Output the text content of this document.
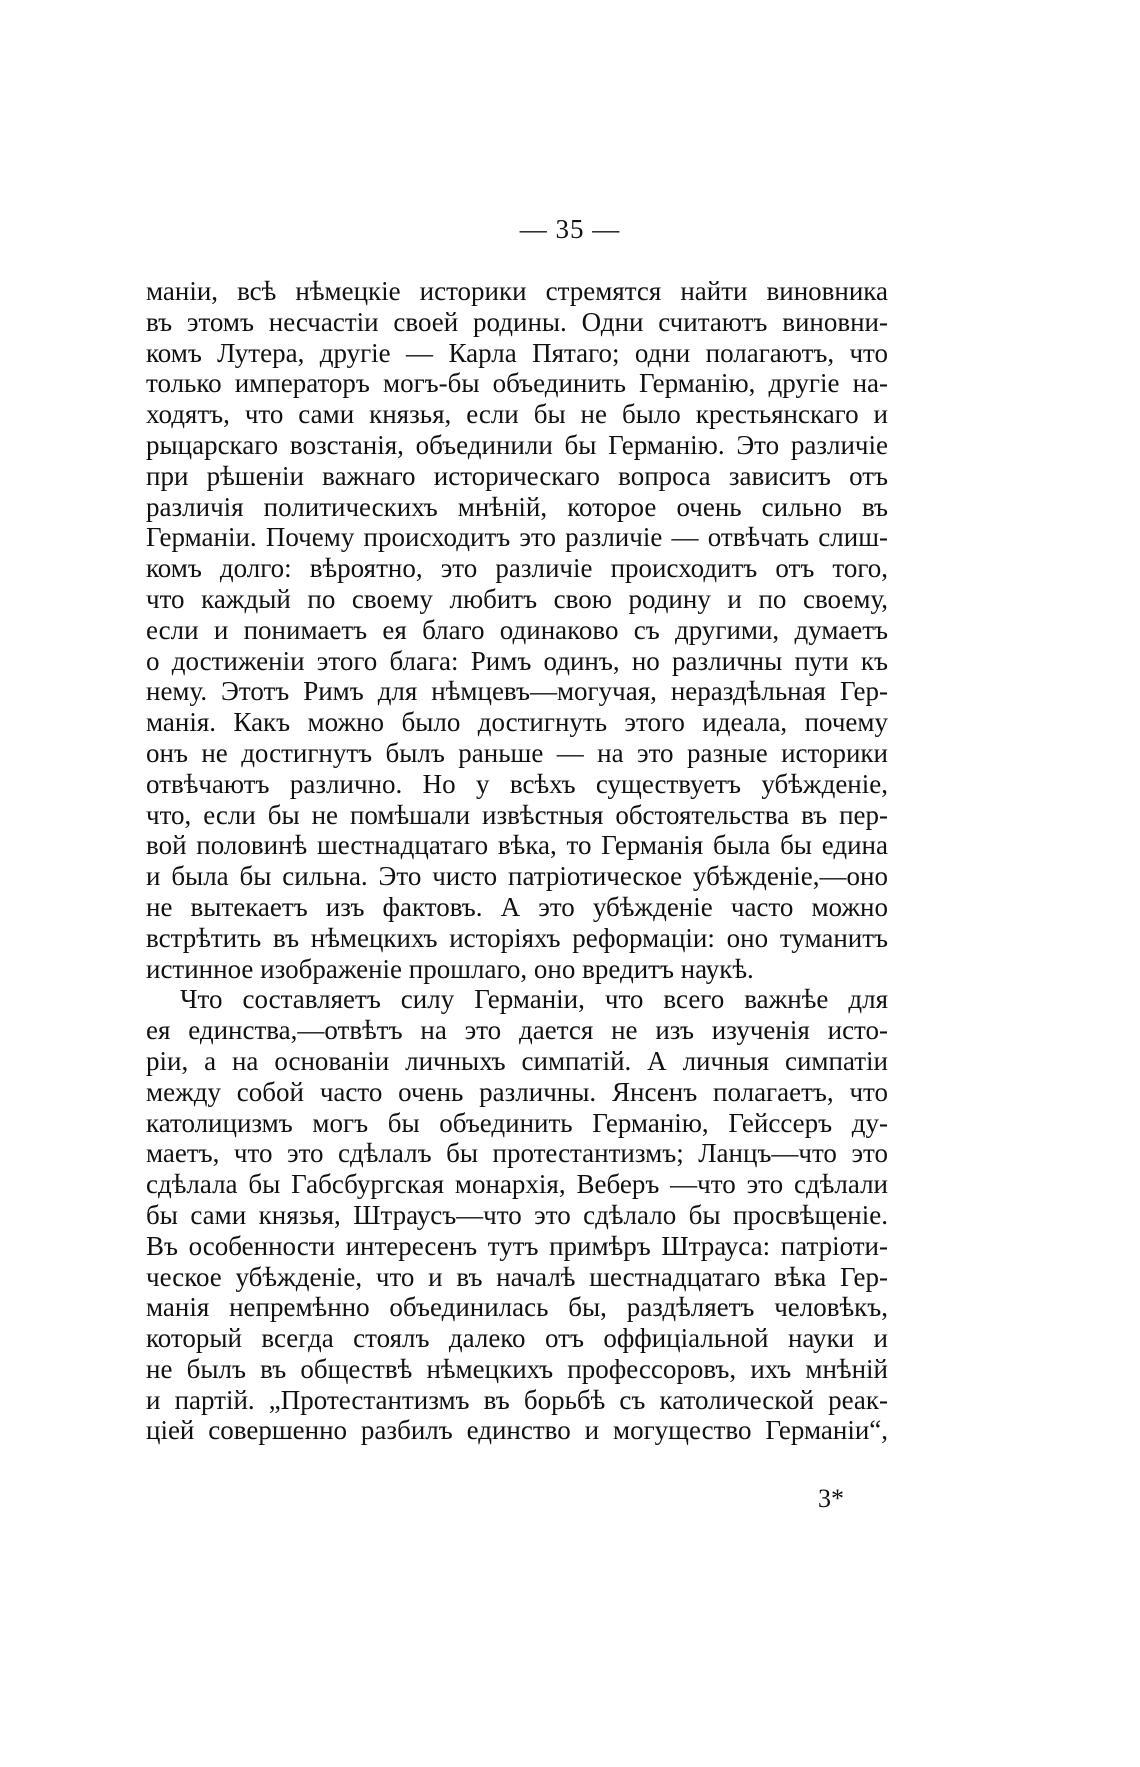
— 35 —
маніи, всѣ нѣмецкіе историки стремятся найти виновника
въ этомъ несчастіи своей родины. Одни считаютъ виновни-
комъ Лутера, другіе — Карла Пятаго; одни полагаютъ, что
только императоръ могъ-бы объединить Германію, другіе на-
ходятъ, что сами князья, если бы не было крестьянскаго и
рыцарскаго возстанія, объединили бы Германію. Это различіе
при рѣшеніи важнаго историческаго вопроса зависитъ отъ
различія политическихъ мнѣній, которое очень сильно въ
Германіи. Почему происходитъ это различіе — отвѣчать слиш-
комъ долго: вѣроятно, это различіе происходитъ отъ того,
что каждый по своему любитъ свою родину и по своему,
если и понимаетъ ея благо одинаково съ другими, думаетъ
о достиженіи этого блага: Римъ одинъ, но различны пути къ
нему. Этотъ Римъ для нѣмцевъ—могучая, нераздѣльная Гер-
манія. Какъ можно было достигнуть этого идеала, почему
онъ не достигнутъ былъ раньше — на это разные историки
отвѣчаютъ различно. Но у всѣхъ существуетъ убѣжденіе,
что, если бы не помѣшали извѣстныя обстоятельства въ пер-
вой половинѣ шестнадцатаго вѣка, то Германія была бы едина
и была бы сильна. Это чисто патріотическое убѣжденіе,—оно
не вытекаетъ изъ фактовъ. А это убѣжденіе часто можно
встрѣтить въ нѣмецкихъ исторіяхъ реформаціи: оно туманитъ
истинное изображеніе прошлаго, оно вредитъ наукѣ.
Что составляетъ силу Германіи, что всего важнѣе для
ея единства,—отвѣтъ на это дается не изъ изученія исто-
ріи, а на основаніи личныхъ симпатій. А личныя симпатіи
между собой часто очень различны. Янсенъ полагаетъ, что
католицизмъ могъ бы объединить Германію, Гейссеръ ду-
маетъ, что это сдѣлалъ бы протестантизмъ; Ланцъ—что это
сдѣлала бы Габсбургская монархія, Веберъ —что это сдѣлали
бы сами князья, Штраусъ—что это сдѣлало бы просвѣщеніе.
Въ особенности интересенъ тутъ примѣръ Штрауса: патріоти-
ческое убѣжденіе, что и въ началѣ шестнадцатаго вѣка Гер-
манія непремѣнно объединилась бы, раздѣляетъ человѣкъ,
который всегда стоялъ далеко отъ оффиціальной науки и
не былъ въ обществѣ нѣмецкихъ профессоровъ, ихъ мнѣній
и партій. „Протестантизмъ въ борьбѣ съ католической реак-
ціей совершенно разбилъ единство и могущество Германіи“,
3*
